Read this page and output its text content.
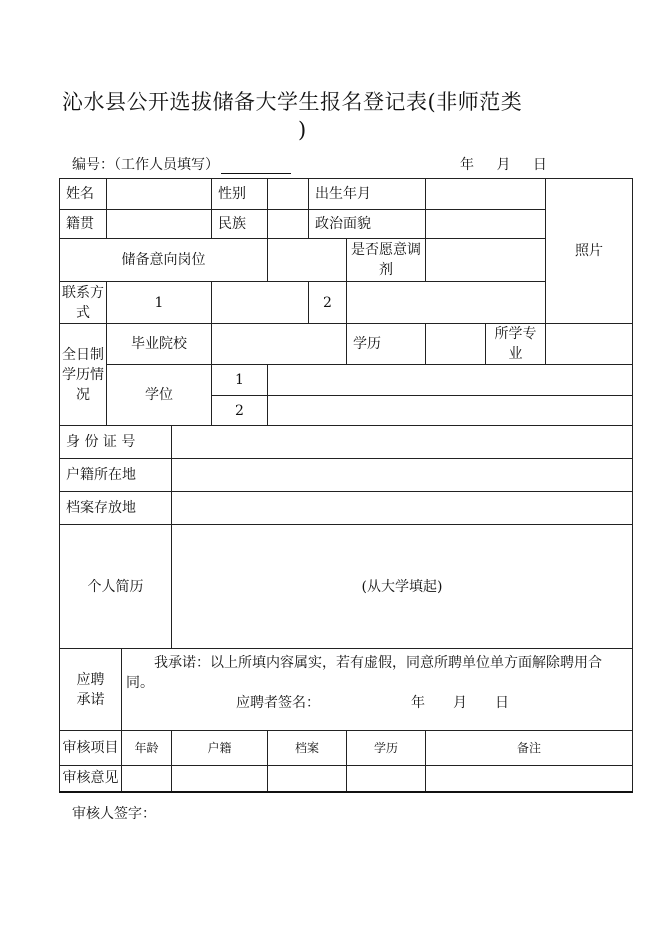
沁水县公开选拔储备大学生报名登记表(非师范类
)
编号：（工作人员填写）	年 月 日
姓名				性别		出生年月				照片
籍贯				民族		政治面貌				
储备意向岗位							是否愿意调剂			
联系方式	1					2				
全日制学历情况	毕业院校						学历		所学专业	
	学位			1						
				2						
身 份 证 号										
户籍所在地										
档案存放地										
个人简历			(从大学填起)							
应聘承诺		　　我承诺：以上所填内容属实，若有虚假，同意所聘单位单方面解除聘用合同。
应聘者签名：　　　　　　　年　　月　　日								

审核项目		年龄	户籍		档案		学历	备注		
审核意见										
审核人签字：
